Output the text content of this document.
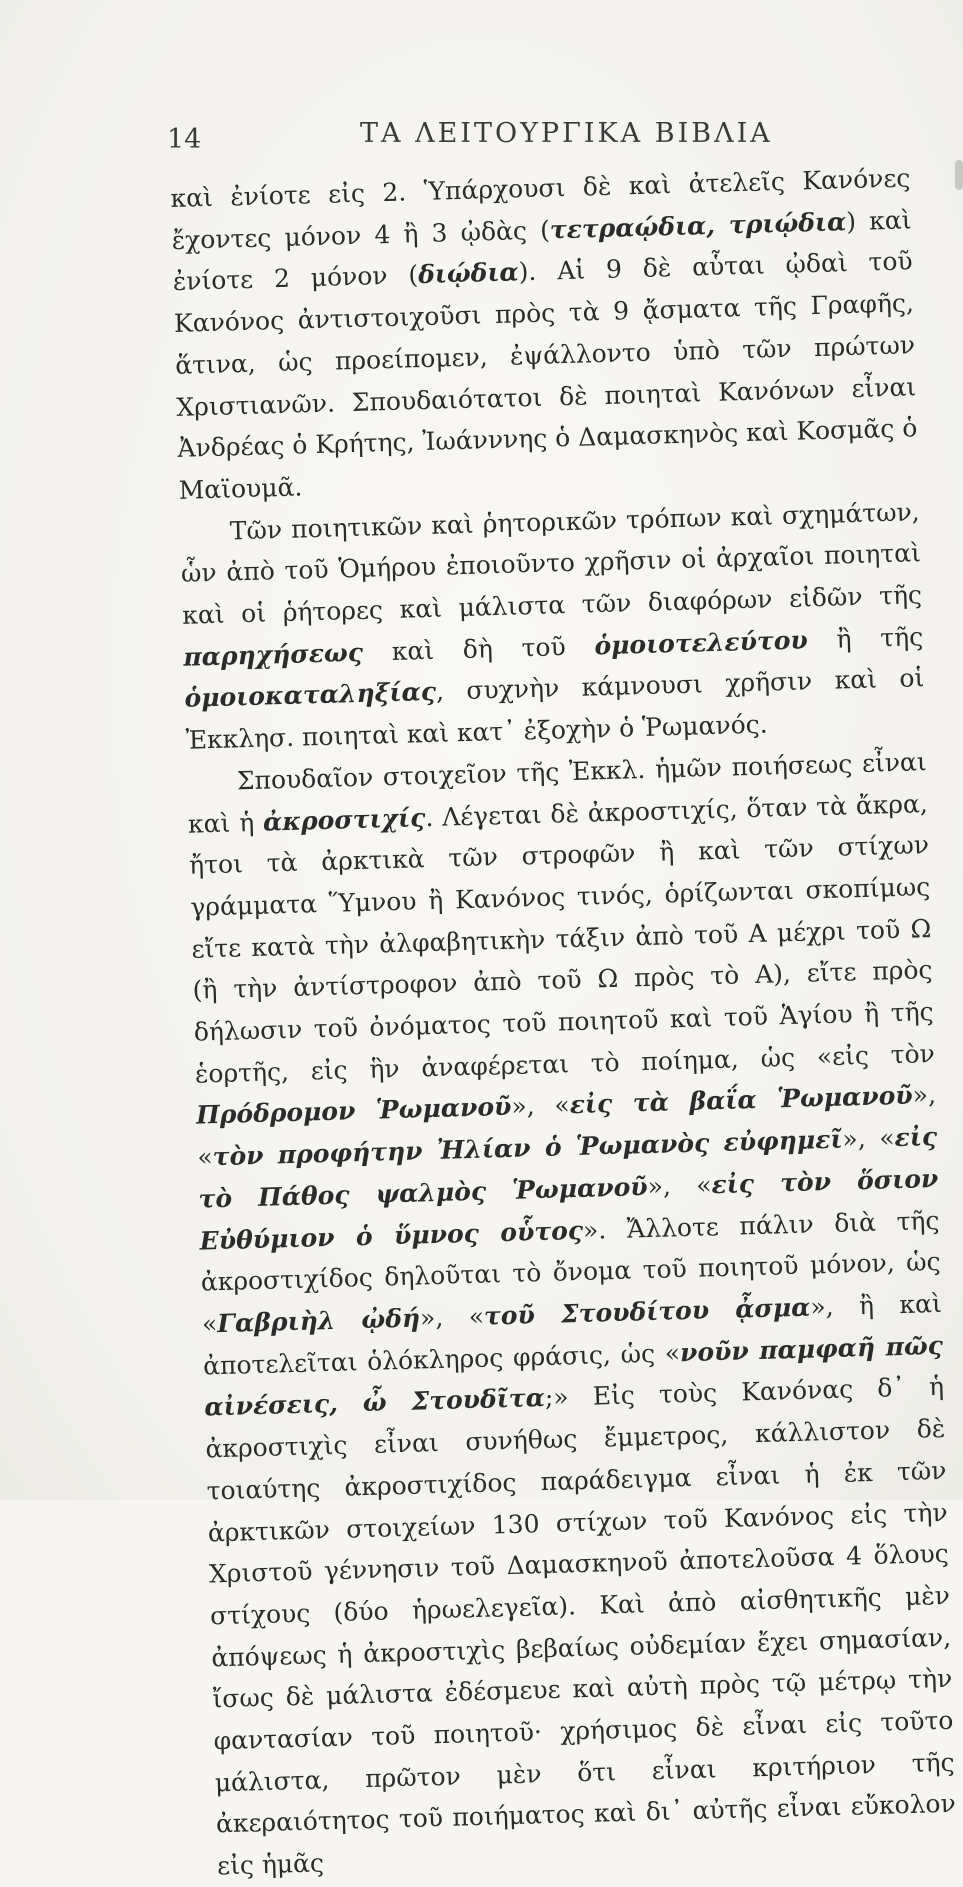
14	ΤΑ ΛΕΙΤΟΥΡΓΙΚΑ ΒΙΒΛΙΑ

καὶ ἐνίοτε εἰς 2. Ὑπάρχουσι δὲ καὶ ἀτελεῖς Κανόνες ἔχοντες μόνον 4 ἢ 3 ᾠδὰς (τετραῴδια, τριῴδια) καὶ ἐνίοτε 2 μόνον (διῴδια). Αἱ 9 δὲ αὗται ᾠδαὶ τοῦ Κανόνος ἀντιστοιχοῦσι πρὸς τὰ 9 ᾄσματα τῆς Γραφῆς, ἅτινα, ὡς προείπομεν, ἐψάλλοντο ὑπὸ τῶν πρώτων Χριστιανῶν. Σπουδαιότατοι δὲ ποιηταὶ Κανόνων εἶναι Ἀνδρέας ὁ Κρήτης, Ἰωάνννης ὁ Δαμασκηνὸς καὶ Κοσμᾶς ὁ Μαϊουμᾶ.

Τῶν ποιητικῶν καὶ ῥητορικῶν τρόπων καὶ σχημάτων, ὧν ἀπὸ τοῦ Ὁμήρου ἐποιοῦντο χρῆσιν οἱ ἀρχαῖοι ποιηταὶ καὶ οἱ ῥήτορες καὶ μάλιστα τῶν διαφόρων εἰδῶν τῆς παρηχήσεως καὶ δὴ τοῦ ὁμοιοτελεύτου ἢ τῆς ὁμοιοκαταληξίας, συχνὴν κάμνουσι χρῆσιν καὶ οἱ Ἐκκλησ. ποιηταὶ καὶ κατ᾽ ἐξοχὴν ὁ Ῥωμανός.

Σπουδαῖον στοιχεῖον τῆς Ἐκκλ. ἡμῶν ποιήσεως εἶναι καὶ ἡ ἀκροστιχίς. Λέγεται δὲ ἀκροστιχίς, ὅταν τὰ ἄκρα, ἤτοι τὰ ἀρκτικὰ τῶν στροφῶν ἢ καὶ τῶν στίχων γράμματα Ὕμνου ἢ Κανόνος τινός, ὁρίζωνται σκοπίμως εἴτε κατὰ τὴν ἀλφαβητικὴν τάξιν ἀπὸ τοῦ Α μέχρι τοῦ Ω (ἢ τὴν ἀντίστροφον ἀπὸ τοῦ Ω πρὸς τὸ Α), εἴτε πρὸς δήλωσιν τοῦ ὀνόματος τοῦ ποιητοῦ καὶ τοῦ Ἁγίου ἢ τῆς ἑορτῆς, εἰς ἣν ἀναφέρεται τὸ ποίημα, ὡς «εἰς τὸν Πρόδρομον Ῥωμανοῦ», «εἰς τὰ βαΐα Ῥωμανοῦ», «τὸν προφήτην Ἠλίαν ὁ Ῥωμανὸς εὐφημεῖ», «εἰς τὸ Πάθος ψαλμὸς Ῥωμανοῦ», «εἰς τὸν ὅσιον Εὐθύμιον ὁ ὕμνος οὗτος». Ἄλλοτε πάλιν διὰ τῆς ἀκροστιχίδος δηλοῦται τὸ ὄνομα τοῦ ποιητοῦ μόνον, ὡς «Γαβριὴλ ᾠδή», «τοῦ Στουδίτου ᾆσμα», ἢ καὶ ἀποτελεῖται ὁλόκληρος φράσις, ὡς «νοῦν παμφαῆ πῶς αἰνέσεις, ὦ Στουδῖτα;» Εἰς τοὺς Κανόνας δ᾽ ἡ ἀκροστιχὶς εἶναι συνήθως ἔμμετρος, κάλλιστον δὲ τοιαύτης ἀκροστιχίδος παράδειγμα εἶναι ἡ ἐκ τῶν ἀρκτικῶν στοιχείων 130 στίχων τοῦ Κανόνος εἰς τὴν Χριστοῦ γέννησιν τοῦ Δαμασκηνοῦ ἀποτελοῦσα 4 ὅλους στίχους (δύο ἡρωελεγεῖα). Καὶ ἀπὸ αἰσθητικῆς μὲν ἀπόψεως ἡ ἀκροστιχὶς βεβαίως οὐδεμίαν ἔχει σημασίαν, ἴσως δὲ μάλιστα ἐδέσμευε καὶ αὐτὴ πρὸς τῷ μέτρῳ τὴν φαντασίαν τοῦ ποιητοῦ· χρήσιμος δὲ εἶναι εἰς τοῦτο μάλιστα, πρῶτον μὲν ὅτι εἶναι κριτήριον τῆς ἀκεραιότητος τοῦ ποιήματος καὶ δι᾽ αὐτῆς εἶναι εὔκολον εἰς ἡμᾶς
